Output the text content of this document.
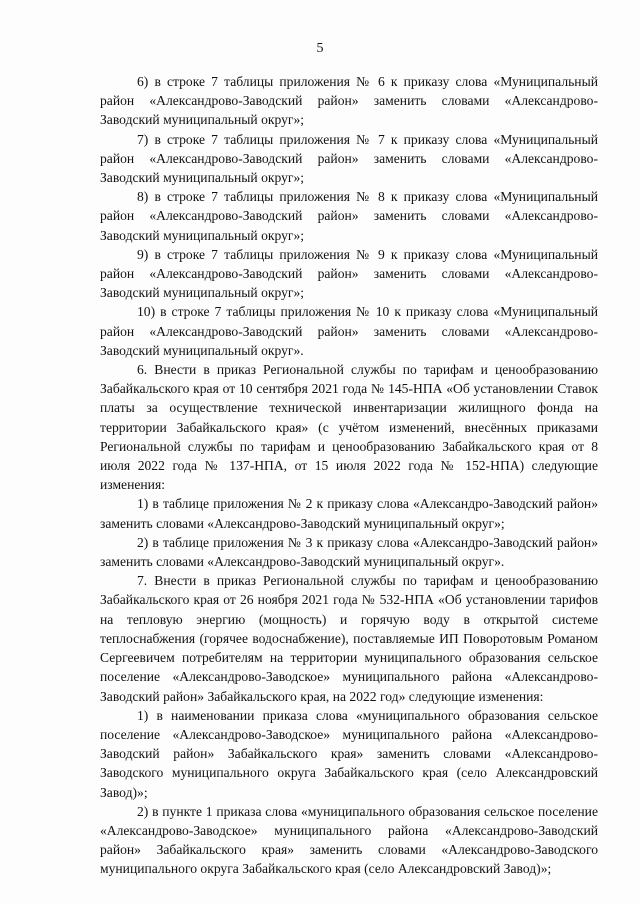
5

6) в строке 7 таблицы приложения № 6 к приказу слова «Муниципальный район «Александрово-Заводский район» заменить словами «Александрово-Заводский муниципальный округ»;

7) в строке 7 таблицы приложения № 7 к приказу слова «Муниципальный район «Александрово-Заводский район» заменить словами «Александрово-Заводский муниципальный округ»;

8) в строке 7 таблицы приложения № 8 к приказу слова «Муниципальный район «Александрово-Заводский район» заменить словами «Александрово-Заводский муниципальный округ»;

9) в строке 7 таблицы приложения № 9 к приказу слова «Муниципальный район «Александрово-Заводский район» заменить словами «Александрово-Заводский муниципальный округ»;

10) в строке 7 таблицы приложения № 10 к приказу слова «Муниципальный район «Александрово-Заводский район» заменить словами «Александрово-Заводский муниципальный округ».

6. Внести в приказ Региональной службы по тарифам и ценообразованию Забайкальского края от 10 сентября 2021 года № 145-НПА «Об установлении Ставок платы за осуществление технической инвентаризации жилищного фонда на территории Забайкальского края» (с учётом изменений, внесённых приказами Региональной службы по тарифам и ценообразованию Забайкальского края от 8 июля 2022 года № 137-НПА, от 15 июля 2022 года № 152-НПА) следующие изменения:

1) в таблице приложения № 2 к приказу слова «Александро-Заводский район» заменить словами «Александрово-Заводский муниципальный округ»;

2) в таблице приложения № 3 к приказу слова «Александро-Заводский район» заменить словами «Александрово-Заводский муниципальный округ».

7. Внести в приказ Региональной службы по тарифам и ценообразованию Забайкальского края от 26 ноября 2021 года № 532-НПА «Об установлении тарифов на тепловую энергию (мощность) и горячую воду в открытой системе теплоснабжения (горячее водоснабжение), поставляемые ИП Поворотовым Романом Сергеевичем потребителям на территории муниципального образования сельское поселение «Александрово-Заводское» муниципального района «Александрово-Заводский район» Забайкальского края, на 2022 год» следующие изменения:

1) в наименовании приказа слова «муниципального образования сельское поселение «Александрово-Заводское» муниципального района «Александрово-Заводский район» Забайкальского края» заменить словами «Александрово-Заводского муниципального округа Забайкальского края (село Александровский Завод)»;

2) в пункте 1 приказа слова «муниципального образования сельское поселение «Александрово-Заводское» муниципального района «Александрово-Заводский район» Забайкальского края» заменить словами «Александрово-Заводского муниципального округа Забайкальского края (село Александровский Завод)»;
